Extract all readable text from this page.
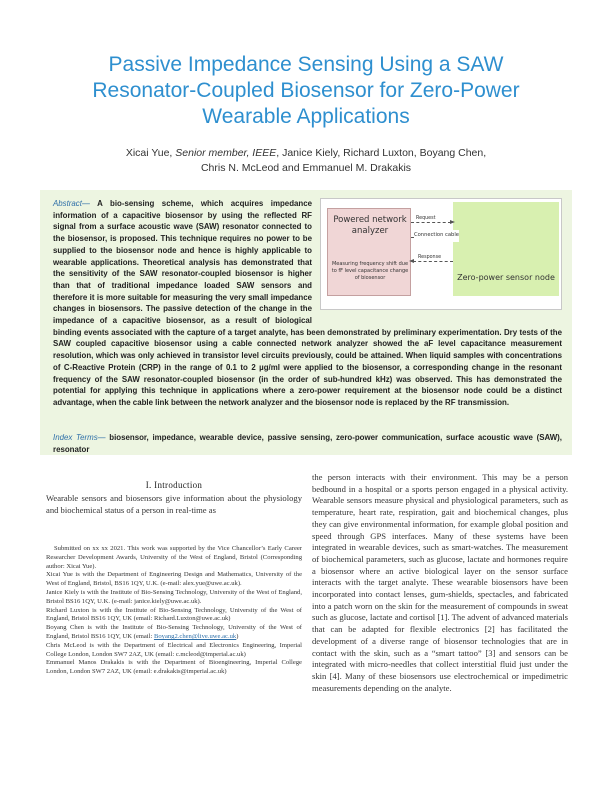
Passive Impedance Sensing Using a SAW
Resonator-Coupled Biosensor for Zero-Power
Wearable Applications
Xicai Yue, Senior member, IEEE, Janice Kiely, Richard Luxton, Boyang Chen,
Chris N. McLeod and Emmanuel M. Drakakis
Zero-power sensor node
Powered network analyzer
Measuring frequency shift due to fF level capacitance change of biosensor
Request
Connection cable
Response
Abstract— A bio-sensing scheme, which acquires impedance information of a capacitive biosensor by using the reflected RF signal from a surface acoustic wave (SAW) resonator connected to the biosensor, is proposed. This technique requires no power to be supplied to the biosensor node and hence is highly applicable to wearable applications. Theoretical analysis has demonstrated that the sensitivity of the SAW resonator-coupled biosensor is higher than that of traditional impedance loaded SAW sensors and therefore it is more suitable for measuring the very small impedance changes in biosensors. The passive detection of the change in the impedance of a capacitive biosensor, as a result of biological binding events associated with the capture of a target analyte, has been demonstrated by preliminary experimentation. Dry tests of the SAW coupled capacitive biosensor using a cable connected network analyzer showed the aF level capacitance measurement resolution, which was only achieved in transistor level circuits previously, could be attained. When liquid samples with concentrations of C-Reactive Protein (CRP) in the range of 0.1 to 2 µg/ml were applied to the biosensor, a corresponding change in the resonant frequency of the SAW resonator-coupled biosensor (in the order of sub-hundred kHz) was observed. This has demonstrated the potential for applying this technique in applications where a zero-power requirement at the biosensor node could be a distinct advantage, when the cable link between the network analyzer and the biosensor node is replaced by the RF transmission.
Index Terms— biosensor, impedance, wearable device, passive sensing, zero-power communication, surface acoustic wave (SAW), resonator
I. Introduction
Wearable sensors and biosensors give information about the physiology and biochemical status of a person in real-time as

Submitted on xx xx 2021. This work was supported by the Vice Chancellor’s Early Career Researcher Development Awards, University of the West of England, Bristol (Corresponding author: Xicai Yue).

Xicai Yue is with the Department of Engineering Design and Mathematics, University of the West of England, Bristol, BS16 1QY, U.K. (e-mail: alex.yue@uwe.ac.uk).

Janice Kiely is with the Institute of Bio-Sensing Technology, University of the West of England, Bristol BS16 1QY, U.K. (e-mail: janice.kiely@uwe.ac.uk).

Richard Luxton is with the Institute of Bio-Sensing Technology, University of the West of England, Bristol BS16 1QY, UK (email: Richard.Luxton@uwe.ac.uk)

Boyang Chen is with the Institute of Bio-Sensing Technology, University of the West of England, Bristol BS16 1QY, UK (email: Boyang2.chen@live.uwe.ac.uk)

Chris McLeod is with the Department of Electrical and Electronics Engineering, Imperial College London, London SW7 2AZ, UK (email: c.mcleod@imperial.ac.uk)

Emmanuel Manos Drakakis is with the Department of Bioengineering, Imperial College London, London SW7 2AZ, UK (email: e.drakakis@imperial.ac.uk)

the person interacts with their environment. This may be a person bedbound in a hospital or a sports person engaged in a physical activity. Wearable sensors measure physical and physiological parameters, such as temperature, heart rate, respiration, gait and biochemical changes, plus they can give environmental information, for example global position and speed through GPS interfaces. Many of these systems have been integrated in wearable devices, such as smart-watches. The measurement of biochemical parameters, such as glucose, lactate and hormones require a biosensor where an active biological layer on the sensor surface interacts with the target analyte. These wearable biosensors have been incorporated into contact lenses, gum-shields, spectacles, and fabricated into a patch worn on the skin for the measurement of compounds in sweat such as glucose, lactate and cortisol [1]. The advent of advanced materials that can be adapted for flexible electronics [2] has facilitated the development of a diverse range of biosensor technologies that are in contact with the skin, such as a “smart tattoo” [3] and sensors can be integrated with micro-needles that collect interstitial fluid just under the skin [4]. Many of these biosensors use electrochemical or impedimetric measurements depending on the analyte.
